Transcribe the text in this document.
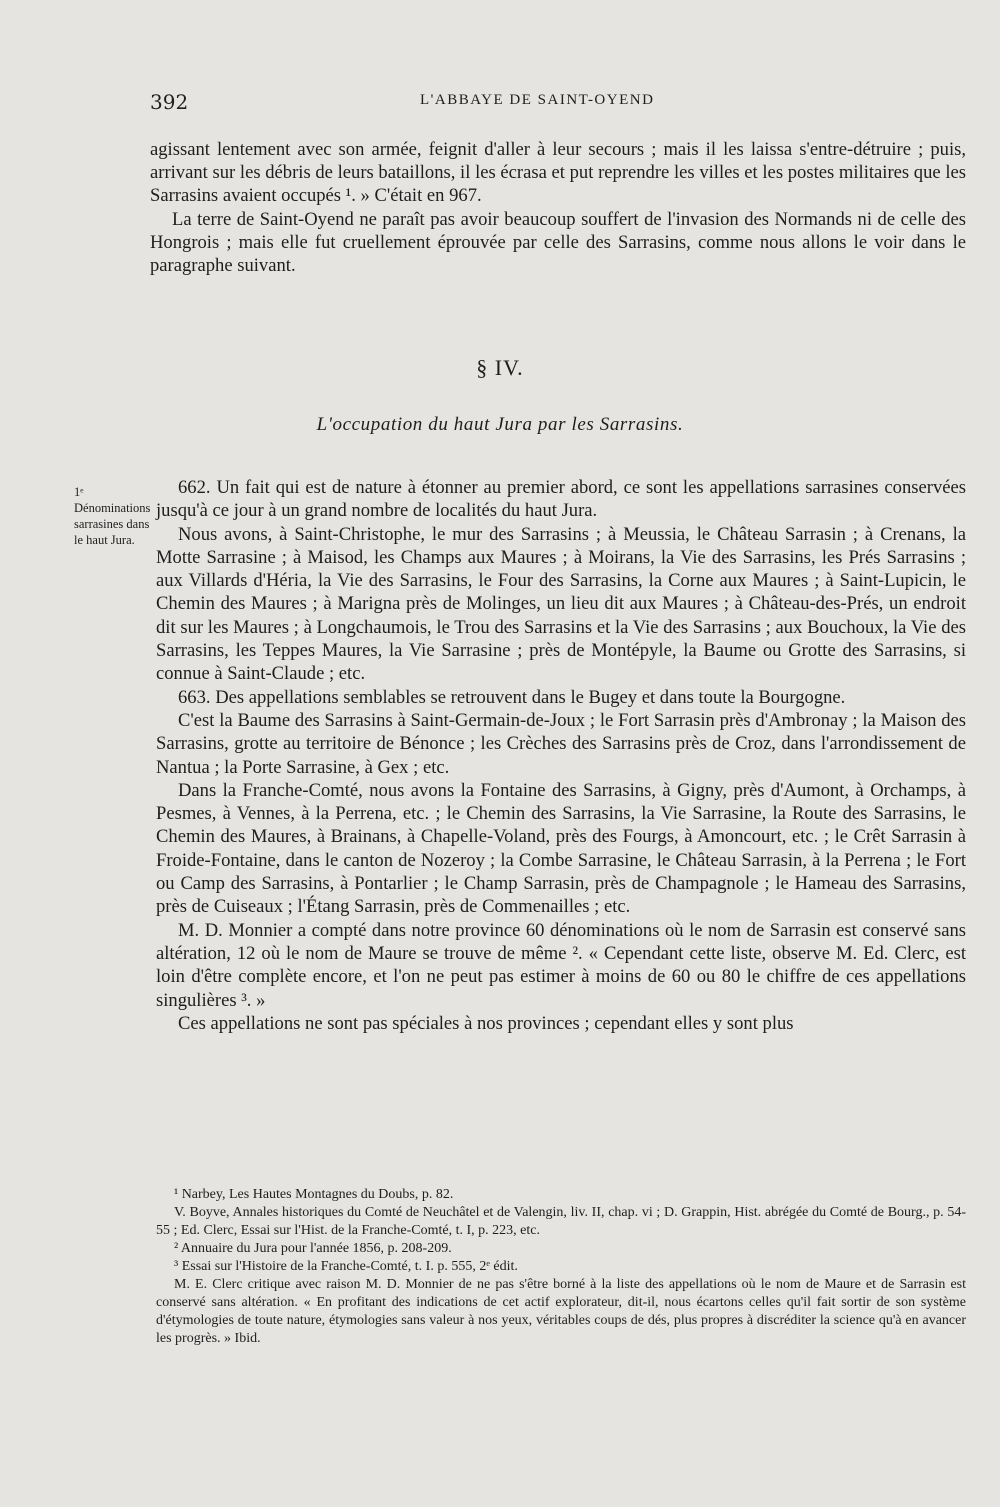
392	L'ABBAYE DE SAINT-OYEND

agissant lentement avec son armée, feignit d'aller à leur secours ; mais il les laissa s'entre-détruire ; puis, arrivant sur les débris de leurs bataillons, il les écrasa et put reprendre les villes et les postes militaires que les Sarrasins avaient occupés ¹. » C'était en 967.

La terre de Saint-Oyend ne paraît pas avoir beaucoup souffert de l'invasion des Normands ni de celle des Hongrois ; mais elle fut cruellement éprouvée par celle des Sarrasins, comme nous allons le voir dans le paragraphe suivant.

§ IV.
L'occupation du haut Jura par les Sarrasins.
1ᵉ Dénominations sarrasines dans le haut Jura.

662. Un fait qui est de nature à étonner au premier abord, ce sont les appellations sarrasines conservées jusqu'à ce jour à un grand nombre de localités du haut Jura.

Nous avons, à Saint-Christophe, le mur des Sarrasins ; à Meussia, le Château Sarrasin ; à Crenans, la Motte Sarrasine ; à Maisod, les Champs aux Maures ; à Moirans, la Vie des Sarrasins, les Prés Sarrasins ; aux Villards d'Héria, la Vie des Sarrasins, le Four des Sarrasins, la Corne aux Maures ; à Saint-Lupicin, le Chemin des Maures ; à Marigna près de Molinges, un lieu dit aux Maures ; à Château-des-Prés, un endroit dit sur les Maures ; à Longchaumois, le Trou des Sarrasins et la Vie des Sarrasins ; aux Bouchoux, la Vie des Sarrasins, les Teppes Maures, la Vie Sarrasine ; près de Montépyle, la Baume ou Grotte des Sarrasins, si connue à Saint-Claude ; etc.

663. Des appellations semblables se retrouvent dans le Bugey et dans toute la Bourgogne.

C'est la Baume des Sarrasins à Saint-Germain-de-Joux ; le Fort Sarrasin près d'Ambronay ; la Maison des Sarrasins, grotte au territoire de Bénonce ; les Crèches des Sarrasins près de Croz, dans l'arrondissement de Nantua ; la Porte Sarrasine, à Gex ; etc.

Dans la Franche-Comté, nous avons la Fontaine des Sarrasins, à Gigny, près d'Aumont, à Orchamps, à Pesmes, à Vennes, à la Perrena, etc. ; le Chemin des Sarrasins, la Vie Sarrasine, la Route des Sarrasins, le Chemin des Maures, à Brainans, à Chapelle-Voland, près des Fourgs, à Amoncourt, etc. ; le Crêt Sarrasin à Froide-Fontaine, dans le canton de Nozeroy ; la Combe Sarrasine, le Château Sarrasin, à la Perrena ; le Fort ou Camp des Sarrasins, à Pontarlier ; le Champ Sarrasin, près de Champagnole ; le Hameau des Sarrasins, près de Cuiseaux ; l'Étang Sarrasin, près de Commenailles ; etc.

M. D. Monnier a compté dans notre province 60 dénominations où le nom de Sarrasin est conservé sans altération, 12 où le nom de Maure se trouve de même ². « Cependant cette liste, observe M. Ed. Clerc, est loin d'être complète encore, et l'on ne peut pas estimer à moins de 60 ou 80 le chiffre de ces appellations singulières ³. »

Ces appellations ne sont pas spéciales à nos provinces ; cependant elles y sont plus

¹ Narbey, Les Hautes Montagnes du Doubs, p. 82.

V. Boyve, Annales historiques du Comté de Neuchâtel et de Valengin, liv. II, chap. vi ; D. Grappin, Hist. abrégée du Comté de Bourg., p. 54-55 ; Ed. Clerc, Essai sur l'Hist. de la Franche-Comté, t. I, p. 223, etc.

² Annuaire du Jura pour l'année 1856, p. 208-209.

³ Essai sur l'Histoire de la Franche-Comté, t. I. p. 555, 2ᵉ édit.

M. E. Clerc critique avec raison M. D. Monnier de ne pas s'être borné à la liste des appellations où le nom de Maure et de Sarrasin est conservé sans altération. « En profitant des indications de cet actif explorateur, dit-il, nous écartons celles qu'il fait sortir de son système d'étymologies de toute nature, étymologies sans valeur à nos yeux, véritables coups de dés, plus propres à discréditer la science qu'à en avancer les progrès. » Ibid.
